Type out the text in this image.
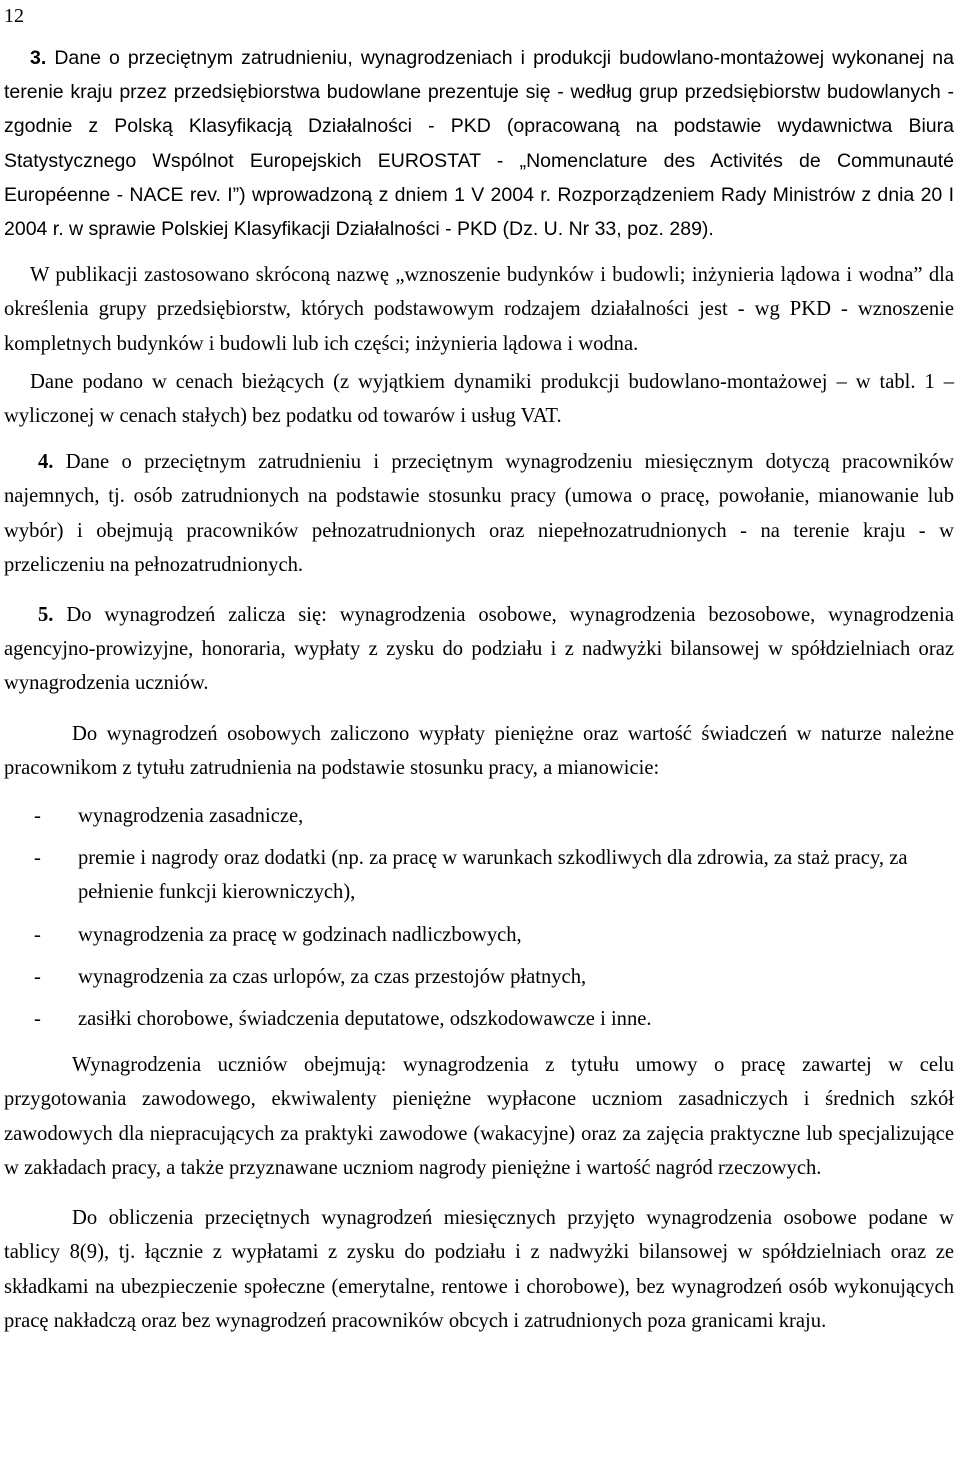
12

3. Dane o przeciętnym zatrudnieniu, wynagrodzeniach i produkcji budowlano-montażowej wykonanej na terenie kraju przez przedsiębiorstwa budowlane prezentuje się - według grup przedsiębiorstw budowlanych - zgodnie z Polską Klasyfikacją Działalności - PKD (opracowaną na podstawie wydawnictwa Biura Statystycznego Wspólnot Europejskich EUROSTAT - „Nomenclature des Activités de Communauté Européenne - NACE rev. I”) wprowadzoną z dniem 1 V 2004 r. Rozporządzeniem Rady Ministrów z dnia 20 I 2004 r. w sprawie Polskiej Klasyfikacji Działalności - PKD (Dz. U. Nr 33, poz. 289).

W publikacji zastosowano skróconą nazwę „wznoszenie budynków i budowli; inżynieria lądowa i wodna” dla określenia grupy przedsiębiorstw, których podstawowym rodzajem działalności jest - wg PKD - wznoszenie kompletnych budynków i budowli lub ich części; inżynieria lądowa i wodna.

Dane podano w cenach bieżących (z wyjątkiem dynamiki produkcji budowlano-montażowej – w tabl. 1 – wyliczonej w cenach stałych) bez podatku od towarów i usług VAT.

4. Dane o przeciętnym zatrudnieniu i przeciętnym wynagrodzeniu miesięcznym dotyczą pracowników najemnych, tj. osób zatrudnionych na podstawie stosunku pracy (umowa o pracę, powołanie, mianowanie lub wybór) i obejmują pracowników pełnozatrudnionych oraz niepełnozatrudnionych - na terenie kraju - w przeliczeniu na pełnozatrudnionych.

5. Do wynagrodzeń zalicza się: wynagrodzenia osobowe, wynagrodzenia bezosobowe, wynagrodzenia agencyjno-prowizyjne, honoraria, wypłaty z zysku do podziału i z nadwyżki bilansowej w spółdzielniach oraz wynagrodzenia uczniów.

Do wynagrodzeń osobowych zaliczono wypłaty pieniężne oraz wartość świadczeń w naturze należne pracownikom z tytułu zatrudnienia na podstawie stosunku pracy, a mianowicie:

-	wynagrodzenia zasadnicze,
-	premie i nagrody oraz dodatki (np. za pracę w warunkach szkodliwych dla zdrowia, za staż pracy, za pełnienie funkcji kierowniczych),
-	wynagrodzenia za pracę w godzinach nadliczbowych,
-	wynagrodzenia za czas urlopów, za czas przestojów płatnych,
-	zasiłki chorobowe, świadczenia deputatowe, odszkodowawcze i inne.

Wynagrodzenia uczniów obejmują: wynagrodzenia z tytułu umowy o pracę zawartej w celu przygotowania zawodowego, ekwiwalenty pieniężne wypłacone uczniom zasadniczych i średnich szkół zawodowych dla niepracujących za praktyki zawodowe (wakacyjne) oraz za zajęcia praktyczne lub specjalizujące w zakładach pracy, a także przyznawane uczniom nagrody pieniężne i wartość nagród rzeczowych.

Do obliczenia przeciętnych wynagrodzeń miesięcznych przyjęto wynagrodzenia osobowe podane w tablicy 8(9), tj. łącznie z wypłatami z zysku do podziału i z nadwyżki bilansowej w spółdzielniach oraz ze składkami na ubezpieczenie społeczne (emerytalne, rentowe i chorobowe), bez wynagrodzeń osób wykonujących pracę nakładczą oraz bez wynagrodzeń pracowników obcych i zatrudnionych poza granicami kraju.
